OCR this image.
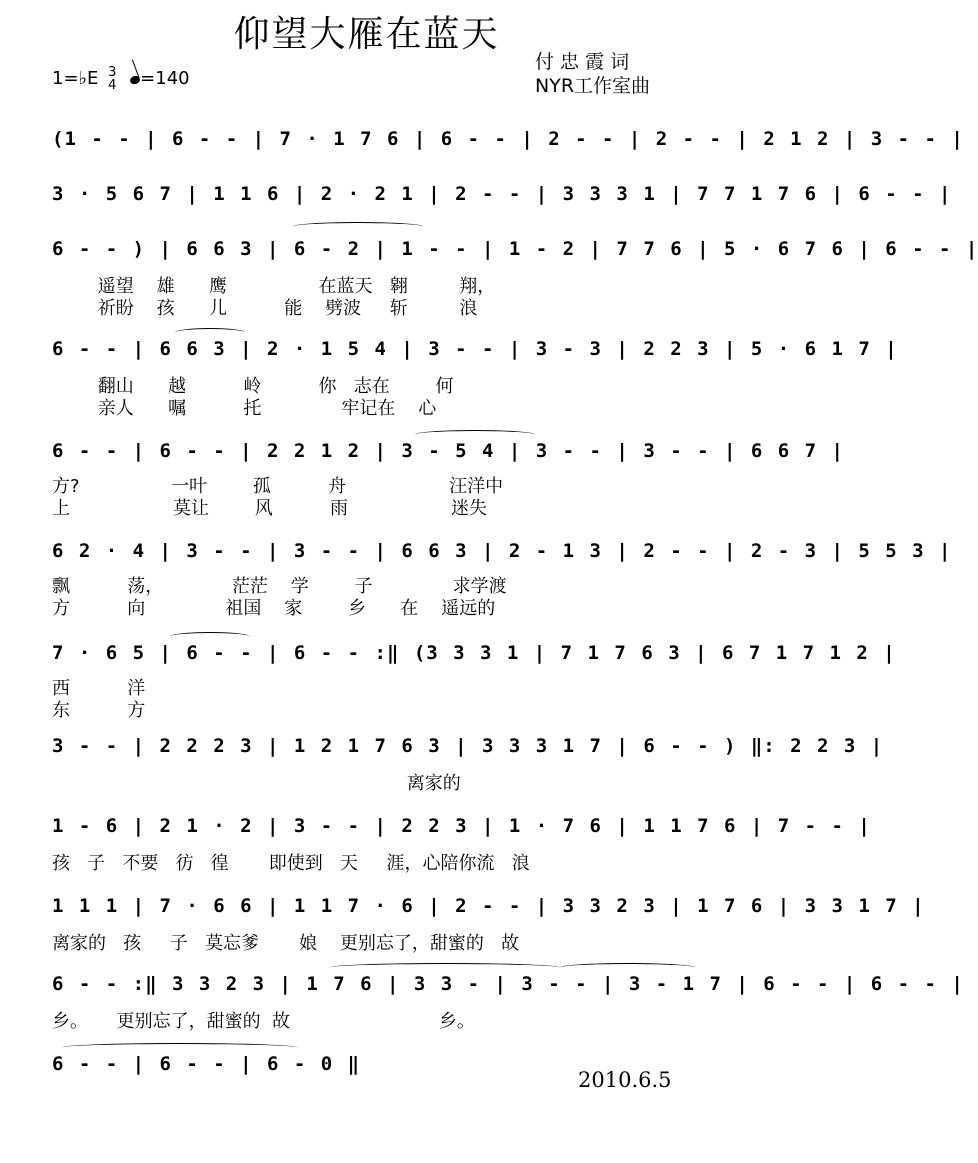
仰望大雁在蓝天
付 忠 霞 词
NYR工作室曲
1=♭E 3
4 =140
(1 - - | 6 - - | 7 · 1 7 6 | 6 - - | 2 - - | 2 - - | 2 1 2 | 3 - - |
3 · 5 6 7 | 1 1 6 | 2 · 2 1 | 2 - - | 3 3 3 1 | 7 7 1 7 6 | 6 - - |
6 - - ) | 6 6 3 | 6 - 2 | 1 - - | 1 - 2 | 7 7 6 | 5 · 6 7 6 | 6 - - |
遥望    雄      鹰                在蓝天   翱         翔，
祈盼    孩      儿          能    劈波     斩         浪
6 - - | 6 6 3 | 2 · 1 5 4 | 3 - - | 3 - 3 | 2 2 3 | 5 · 6 1 7 |
翻山      越          岭          你   志在        何
亲人      嘱          托              牢记在    心
6 - - | 6 - - | 2 2 1 2 | 3 - 5 4 | 3 - - | 3 - - | 6 6 7 |
方?                一叶        孤          舟                  汪洋中
上                  莫让        风          雨                  迷失
6 2 · 4 | 3 - - | 3 - - | 6 6 3 | 2 - 1 3 | 2 - - | 2 - 3 | 5 5 3 |
飘          荡，            茫茫    学        子              求学渡
方          向              祖国    家        乡      在    遥远的
7 · 6 5 | 6 - - | 6 - - :‖ (3 3 3 1 | 7 1 7 6 3 | 6 7 1 7 1 2 |
西          洋
东          方
3 - - | 2 2 2 3 | 1 2 1 7 6 3 | 3 3 3 1 7 | 6 - - ) ‖: 2 2 3 |
离家的
1 - 6 | 2 1 · 2 | 3 - - | 2 2 3 | 1 · 7 6 | 1 1 7 6 | 7 - - |
孩   子   不要   彷   徨       即使到   天     涯，心陪你流   浪
1 1 1 | 7 · 6 6 | 1 1 7 · 6 | 2 - - | 3 3 2 3 | 1 7 6 | 3 3 1 7 |
离家的   孩     子   莫忘爹       娘    更别忘了，甜蜜的   故
6 - - :‖ 3 3 2 3 | 1 7 6 | 3 3 - | 3 - - | 3 - 1 7 | 6 - - | 6 - - |
乡。     更别忘了，甜蜜的  故                          乡。
6 - - | 6 - - | 6 - 0 ‖
2010.6.5
